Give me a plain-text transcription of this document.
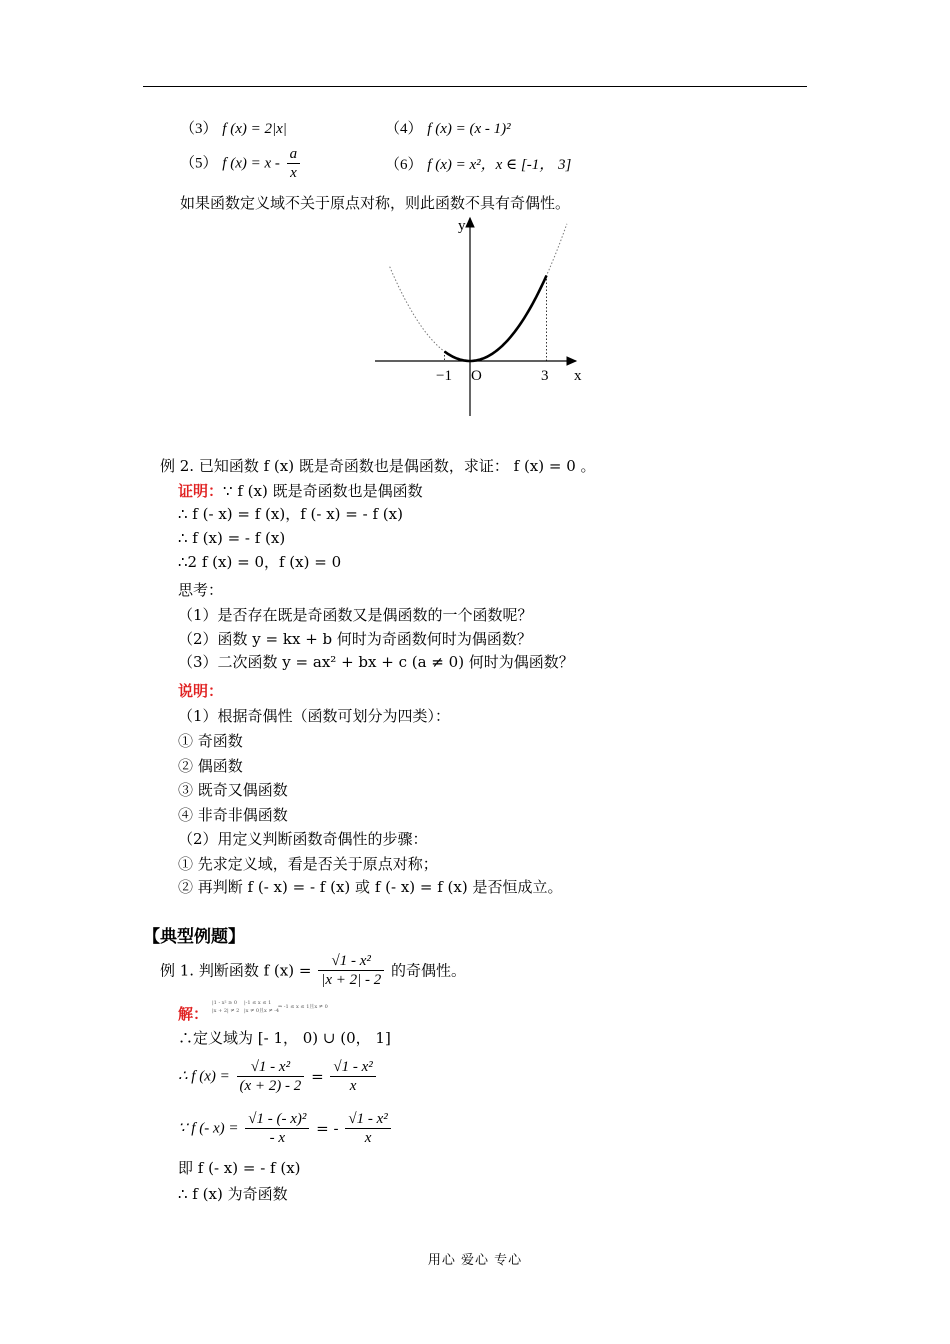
（3） f (x) = 2|x|	（4） f (x) = (x - 1)²
（5） f $(x) = x - \frac{a}{x}$	（6） f (x) = x²，x ∈ [-1， 3]
如果函数定义域不关于原点对称，则此函数不具有奇偶性。
y
x
O
−1	3
例 2. 已知函数 f (x) 既是奇函数也是偶函数，求证： f (x) = 0 。
证明：∵ f (x) 既是奇函数也是偶函数
∴ f (- x) = f (x)，f (- x) = - f (x)
∴ f (x) = - f (x)
∴2 f (x) = 0，f (x) = 0
思考：
（1）是否存在既是奇函数又是偶函数的一个函数呢？
（2）函数 y = kx + b 何时为奇函数何时为偶函数？
（3）二次函数 y = ax² + bx + c (a ≠ 0) 何时为偶函数？
说明：
（1）根据奇偶性（函数可划分为四类）：
① 奇函数
② 偶函数
③ 既奇又偶函数
④ 非奇非偶函数
（2）用定义判断函数奇偶性的步骤：
① 先求定义域，看是否关于原点对称；
② 再判断 f (- x) = - f (x) 或 f (- x) = f (x) 是否恒成立。
【典型例题】
例 1. 判断函数 f $(x) = \frac{\text{√1 - x²}}{|x + 2| - 2}$ 的奇偶性。
解：
|1 - x² ≥ 0
|x + 2| ≠ 2
|-1 ≤ x ≤ 1
|x ≠ 0且x ≠ -4
⇒ -1 ≤ x ≤ 1且x ≠ 0
∴定义域为 [- 1， 0) ∪ (0， 1]
∴ f $(x) = \frac{\text{√1 - x²}}{(x + 2) - 2} = \frac{\text{√1 - x²}}{x}$
∵ f (- $x) = \frac{\text{√1 - (- x)²}}{- x}$ = - $\frac{\text{√1 - x²}}{x}$
即 f (- x) = - f (x)
∴ f (x) 为奇函数
用心 爱心 专心
